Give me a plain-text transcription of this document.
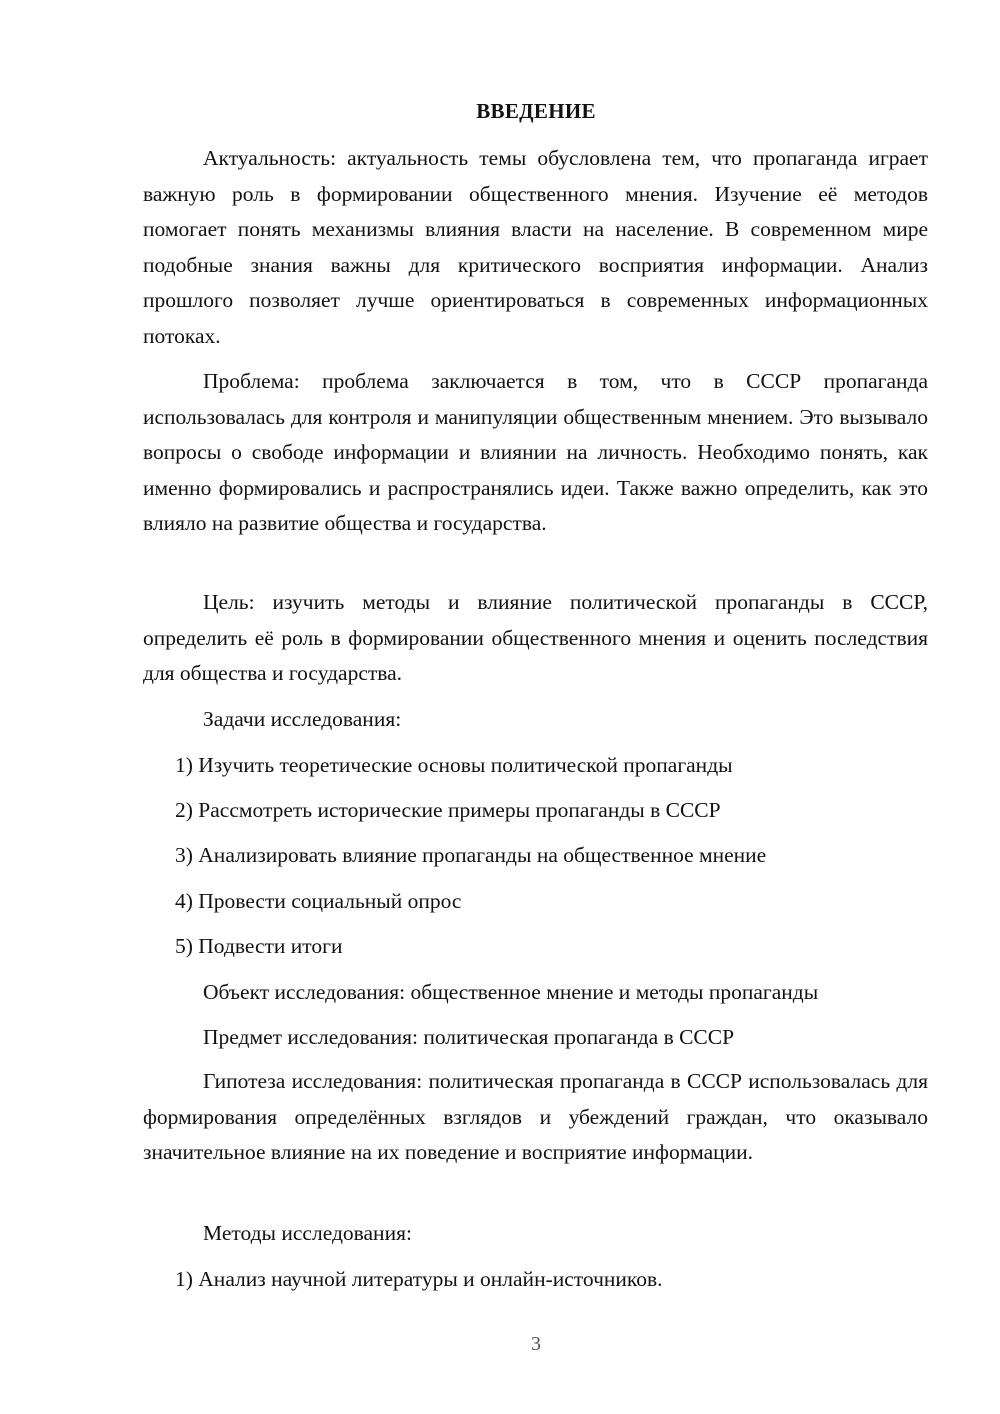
ВВЕДЕНИЕ
Актуальность: актуальность темы обусловлена тем, что пропаганда играет важную роль в формировании общественного мнения. Изучение её методов помогает понять механизмы влияния власти на население. В современном мире подобные знания важны для критического восприятия информации. Анализ прошлого позволяет лучше ориентироваться в современных информационных потоках.
Проблема: проблема заключается в том, что в СССР пропаганда использовалась для контроля и манипуляции общественным мнением. Это вызывало вопросы о свободе информации и влиянии на личность. Необходимо понять, как именно формировались и распространялись идеи. Также важно определить, как это влияло на развитие общества и государства.
Цель: изучить методы и влияние политической пропаганды в СССР, определить её роль в формировании общественного мнения и оценить последствия для общества и государства.
Задачи исследования:
1) Изучить теоретические основы политической пропаганды
2) Рассмотреть исторические примеры пропаганды в СССР
3) Анализировать влияние пропаганды на общественное мнение
4) Провести социальный опрос
5) Подвести итоги
Объект исследования: общественное мнение и методы пропаганды
Предмет исследования: политическая пропаганда в СССР
Гипотеза исследования: политическая пропаганда в СССР использовалась для формирования определённых взглядов и убеждений граждан, что оказывало значительное влияние на их поведение и восприятие информации.
Методы исследования:
1) Анализ научной литературы и онлайн-источников.
3
